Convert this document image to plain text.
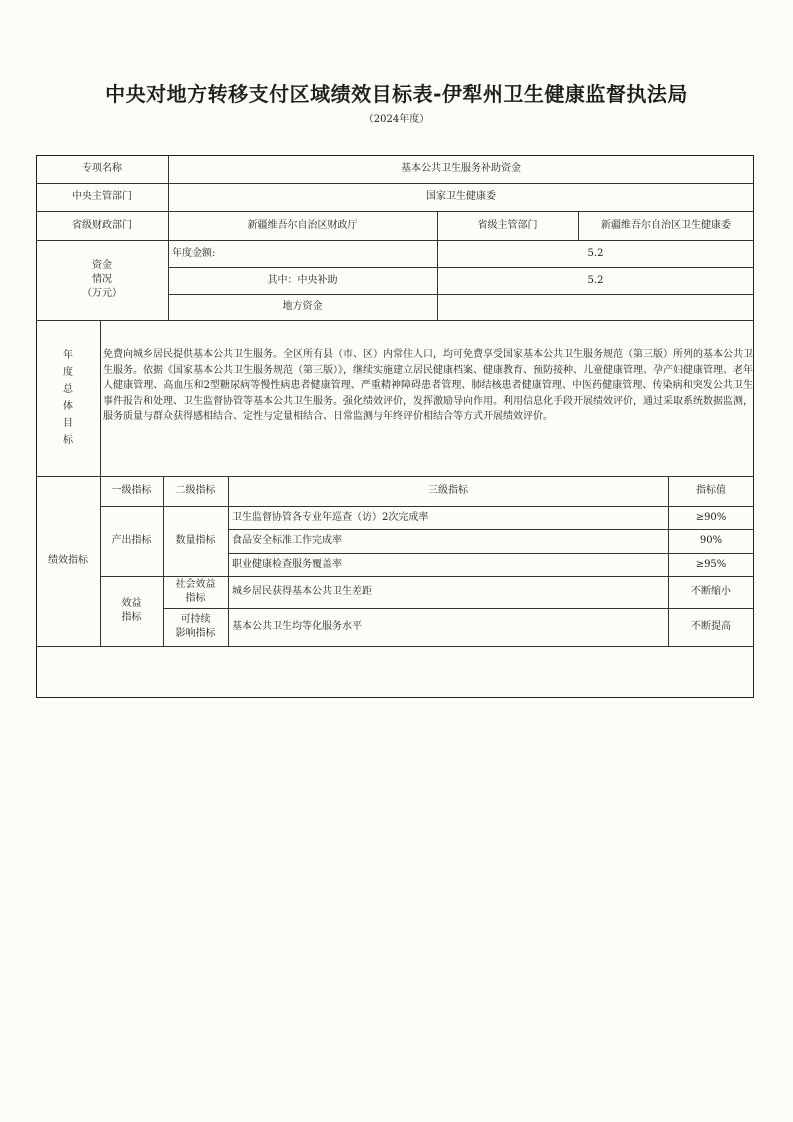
中央对地方转移支付区域绩效目标表-伊犁州卫生健康监督执法局
（2024年度）
专项名称	基本公共卫生服务补助资金
中央主管部门	国家卫生健康委
省级财政部门	新疆维吾尔自治区财政厅	省级主管部门	新疆维吾尔自治区卫生健康委
资金
情况
（万元）
年度金额:	5.2
其中：中央补助	5.2
地方资金
年
度
总
体
目
标
免费向城乡居民提供基本公共卫生服务。全区所有县（市、区）内常住人口，均可免费享受国家基本公共卫生服务规范（第三版）所列的基本公共卫生服务。依据《国家基本公共卫生服务规范（第三版）》，继续实施建立居民健康档案、健康教育、预防接种、儿童健康管理、孕产妇健康管理、老年人健康管理、高血压和2型糖尿病等慢性病患者健康管理、严重精神障碍患者管理、肺结核患者健康管理、中医药健康管理、传染病和突发公共卫生事件报告和处理、卫生监督协管等基本公共卫生服务。强化绩效评价，发挥激励导向作用。利用信息化手段开展绩效评价，通过采取系统数据监测，服务质量与群众获得感相结合、定性与定量相结合、日常监测与年终评价相结合等方式开展绩效评价。
绩效指标
一级指标	二级指标	三级指标	指标值
产出指标	数量指标
卫生监督协管各专业年巡查（访）2次完成率	≥90%
食品安全标准工作完成率	90%
职业健康检查服务覆盖率	≥95%
效益
指标
社会效益
指标
城乡居民获得基本公共卫生差距	不断缩小
可持续
影响指标
基本公共卫生均等化服务水平	不断提高
